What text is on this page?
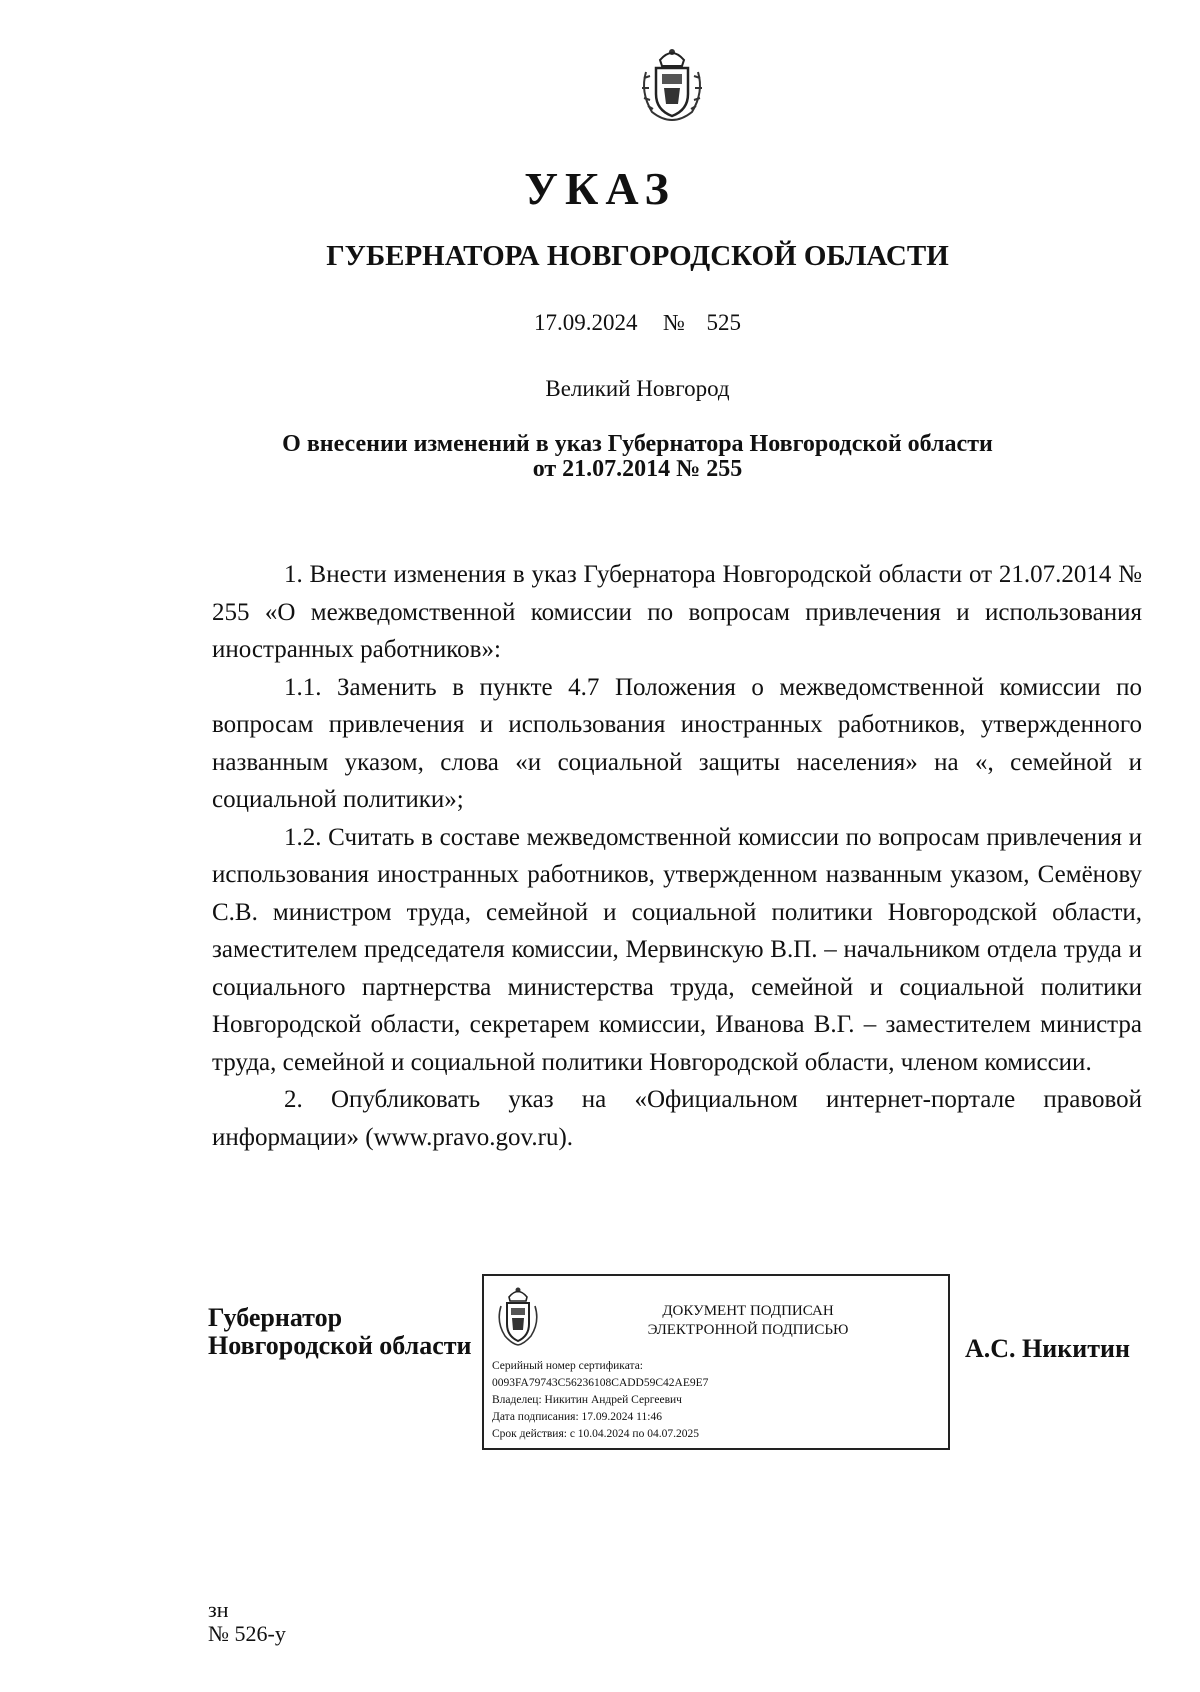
УКАЗ
ГУБЕРНАТОРА НОВГОРОДСКОЙ ОБЛАСТИ
17.09.2024 № 525
Великий Новгород
О внесении изменений в указ Губернатора Новгородской области
от 21.07.2014 № 255

1. Внести изменения в указ Губернатора Новгородской области от 21.07.2014 № 255 «О межведомственной комиссии по вопросам привлечения и использования иностранных работников»:

1.1. Заменить в пункте 4.7 Положения о межведомственной комиссии по вопросам привлечения и использования иностранных работников, утвержденного названным указом, слова «и социальной защиты населения» на «, семейной и социальной политики»;

1.2. Считать в составе межведомственной комиссии по вопросам привлечения и использования иностранных работников, утвержденном названным указом, Семёнову С.В. министром труда, семейной и социальной политики Новгородской области, заместителем председателя комиссии, Мервинскую В.П. – начальником отдела труда и социального партнерства министерства труда, семейной и социальной политики Новгородской области, секретарем комиссии, Иванова В.Г. – заместителем министра труда, семейной и социальной политики Новгородской области, членом комиссии.

2. Опубликовать указ на «Официальном интернет-портале правовой информации» (www.pravo.gov.ru).

Губернатор
Новгородской области
ДОКУМЕНТ ПОДПИСАН
ЭЛЕКТРОННОЙ ПОДПИСЬЮ
Серийный номер сертификата:
0093FA79743C56236108CADD59C42AE9E7
Владелец: Никитин Андрей Сергеевич
Дата подписания: 17.09.2024 11:46
Срок действия: с 10.04.2024 по 04.07.2025
А.С. Никитин
зн
№ 526-у
